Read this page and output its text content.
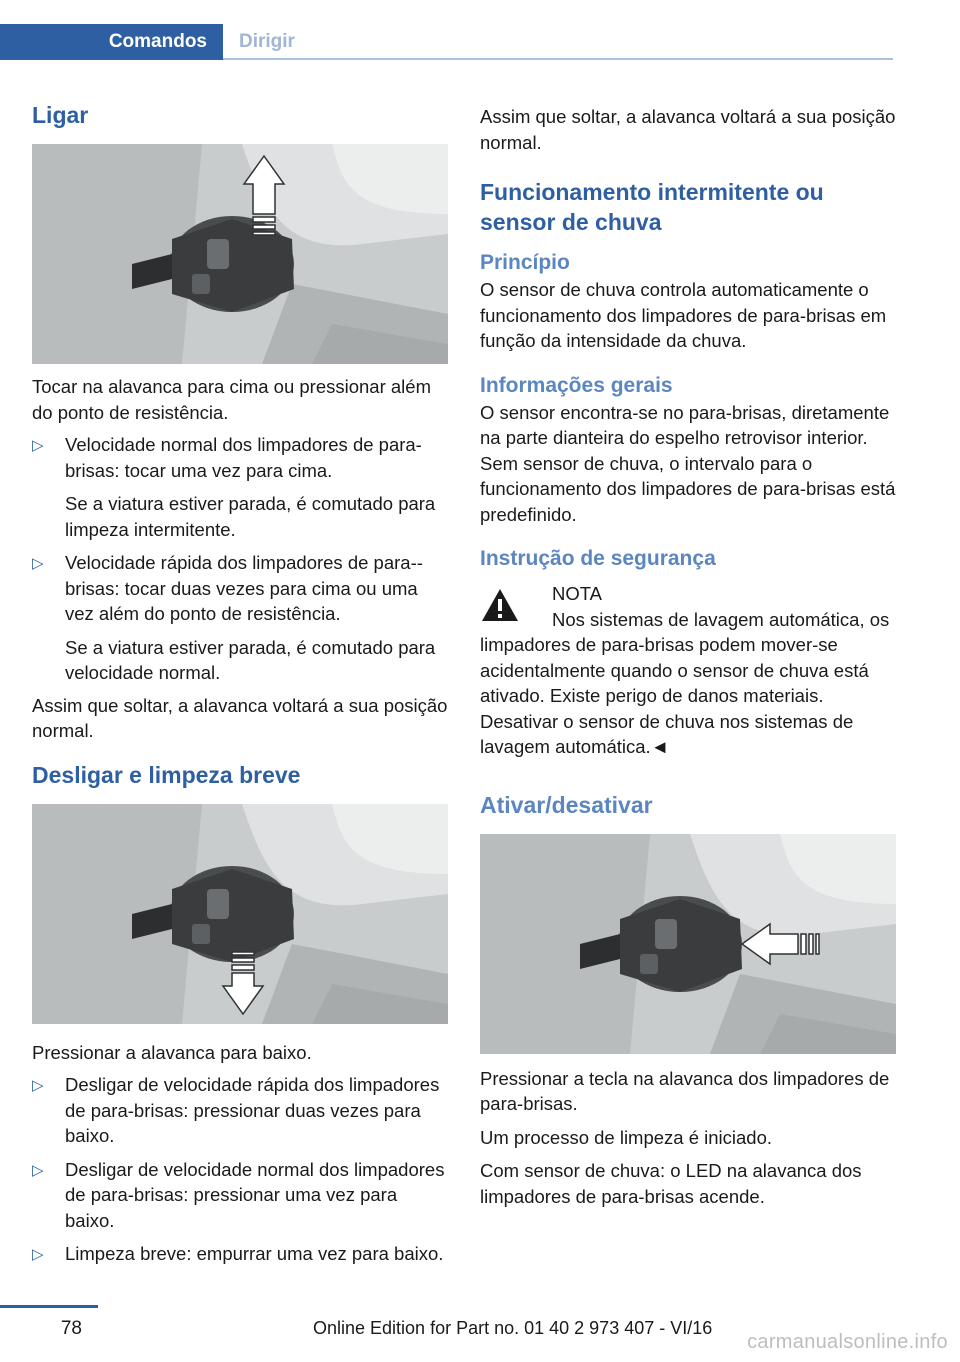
Comandos	Dirigir
Ligar

Tocar na alavanca para cima ou pressionar além do ponto de resistência.

▷ Velocidade normal dos limpadores de para-brisas: tocar uma vez para cima.

Se a viatura estiver parada, é comutado para limpeza intermitente.

▷ Velocidade rápida dos limpadores de para--brisas: tocar duas vezes para cima ou uma vez além do ponto de resistência.

Se a viatura estiver parada, é comutado para velocidade normal.

Assim que soltar, a alavanca voltará a sua posição normal.

Desligar e limpeza breve

Pressionar a alavanca para baixo.

▷ Desligar de velocidade rápida dos limpadores de para-brisas: pressionar duas vezes para baixo.

▷ Desligar de velocidade normal dos limpadores de para-brisas: pressionar uma vez para baixo.

▷ Limpeza breve: empurrar uma vez para baixo.

Assim que soltar, a alavanca voltará a sua posição normal.

Funcionamento intermitente ou sensor de chuva
Princípio

O sensor de chuva controla automaticamente o funcionamento dos limpadores de para-brisas em função da intensidade da chuva.

Informações gerais

O sensor encontra-se no para-brisas, diretamente na parte dianteira do espelho retrovisor interior. Sem sensor de chuva, o intervalo para o funcionamento dos limpadores de para-brisas está predefinido.

Instrução de segurança

NOTA

Nos sistemas de lavagem automática, os limpadores de para-brisas podem mover-se acidentalmente quando o sensor de chuva está ativado. Existe perigo de danos materiais. Desativar o sensor de chuva nos sistemas de lavagem automática.◄

Ativar/desativar

Pressionar a tecla na alavanca dos limpadores de para-brisas.

Um processo de limpeza é iniciado.

Com sensor de chuva: o LED na alavanca dos limpadores de para-brisas acende.

78	Online Edition for Part no. 01 40 2 973 407 - VI/16
carmanualsonline.info
